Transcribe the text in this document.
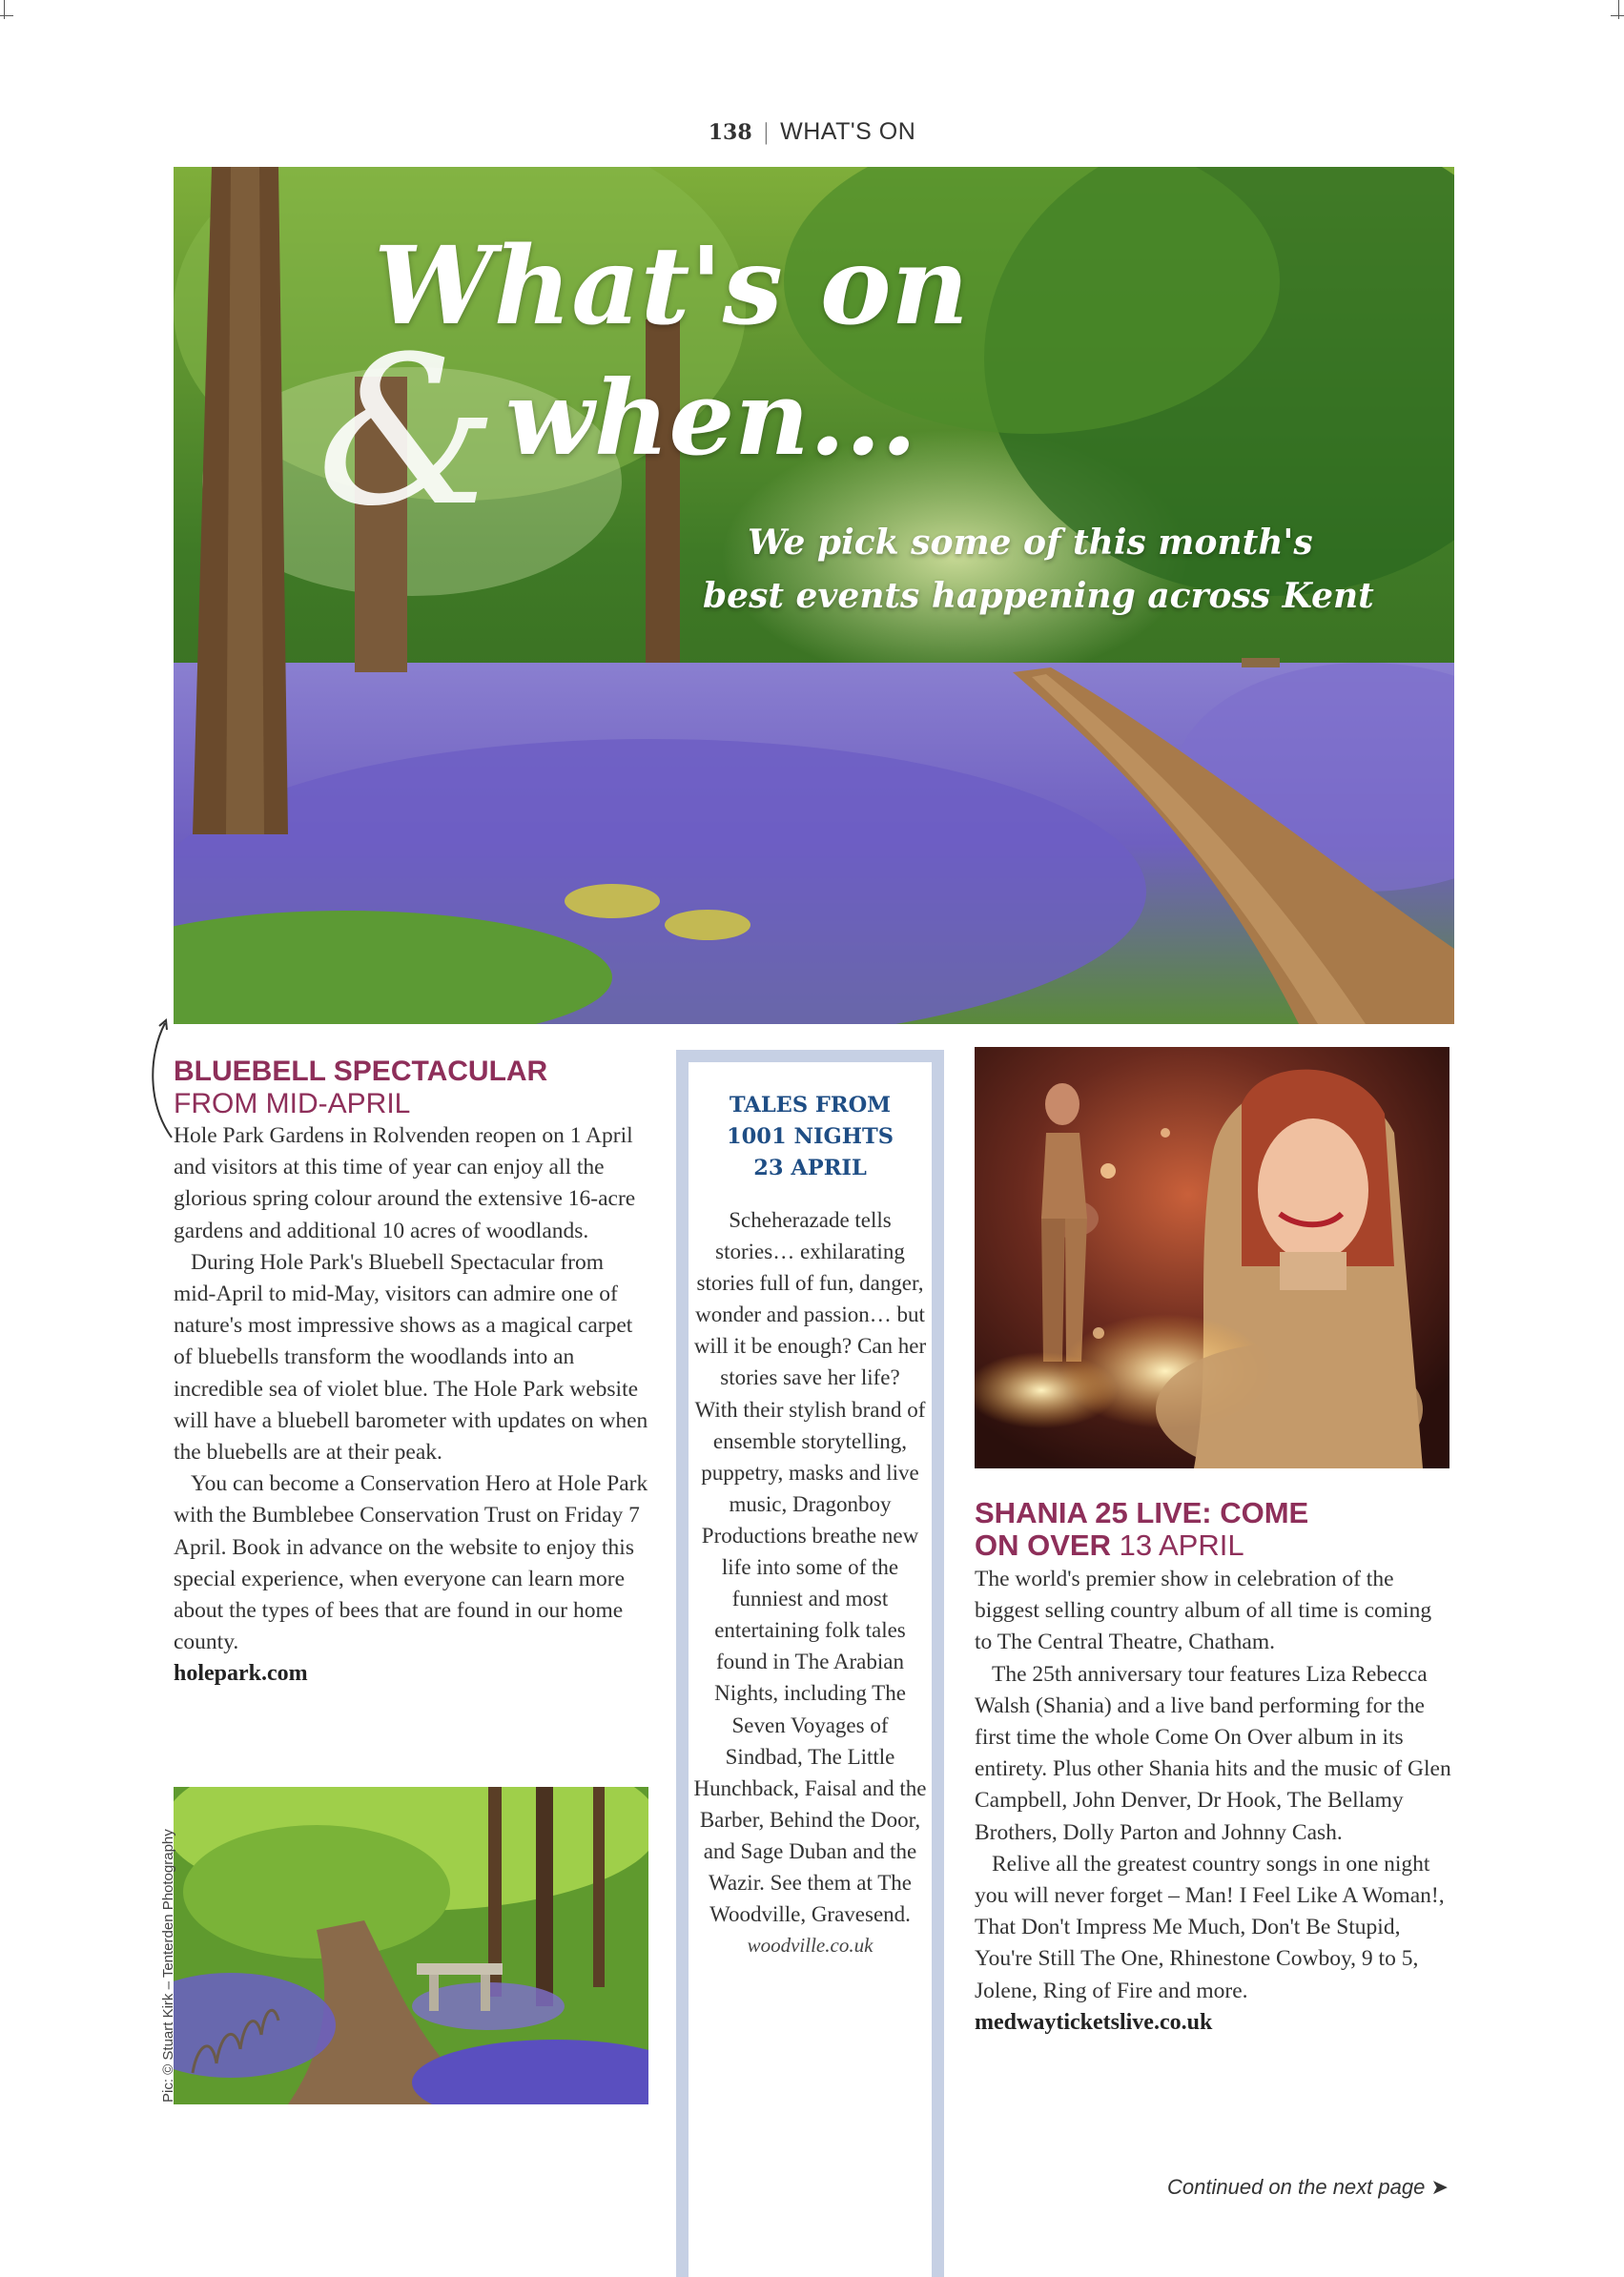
138 | WHAT'S ON
What's on
& when...
We pick some of this month's
best events happening across Kent
BLUEBELL SPECTACULAR
FROM MID-APRIL

Hole Park Gardens in Rolvenden reopen on 1 April and visitors at this time of year can enjoy all the glorious spring colour around the extensive 16-acre gardens and additional 10 acres of woodlands.

During Hole Park's Bluebell Spectacular from mid-April to mid-May, visitors can admire one of nature's most impressive shows as a magical carpet of bluebells transform the woodlands into an incredible sea of violet blue. The Hole Park website will have a bluebell barometer with updates on when the bluebells are at their peak.

You can become a Conservation Hero at Hole Park with the Bumblebee Conservation Trust on Friday 7 April. Book in advance on the website to enjoy this special experience, when everyone can learn more about the types of bees that are found in our home county.

holepark.com
Pic: © Stuart Kirk – Tenterden Photography
TALES FROM
1001 NIGHTS
23 APRIL

Scheherazade tells stories… exhilarating stories full of fun, danger, wonder and passion… but will it be enough? Can her stories save her life?

With their stylish brand of ensemble storytelling, puppetry, masks and live music, Dragonboy Productions breathe new life into some of the funniest and most entertaining folk tales found in The Arabian Nights, including The Seven Voyages of Sindbad, The Little Hunchback, Faisal and the Barber, Behind the Door, and Sage Duban and the Wazir. See them at The Woodville, Gravesend.

woodville.co.uk
SHANIA 25 LIVE: COME
ON OVER 13 APRIL

The world's premier show in celebration of the biggest selling country album of all time is coming to The Central Theatre, Chatham.

The 25th anniversary tour features Liza Rebecca Walsh (Shania) and a live band performing for the first time the whole Come On Over album in its entirety. Plus other Shania hits and the music of Glen Campbell, John Denver, Dr Hook, The Bellamy Brothers, Dolly Parton and Johnny Cash.

Relive all the greatest country songs in one night you will never forget – Man! I Feel Like A Woman!, That Don't Impress Me Much, Don't Be Stupid, You're Still The One, Rhinestone Cowboy, 9 to 5, Jolene, Ring of Fire and more.

medwayticketslive.co.uk
Continued on the next page ➤
